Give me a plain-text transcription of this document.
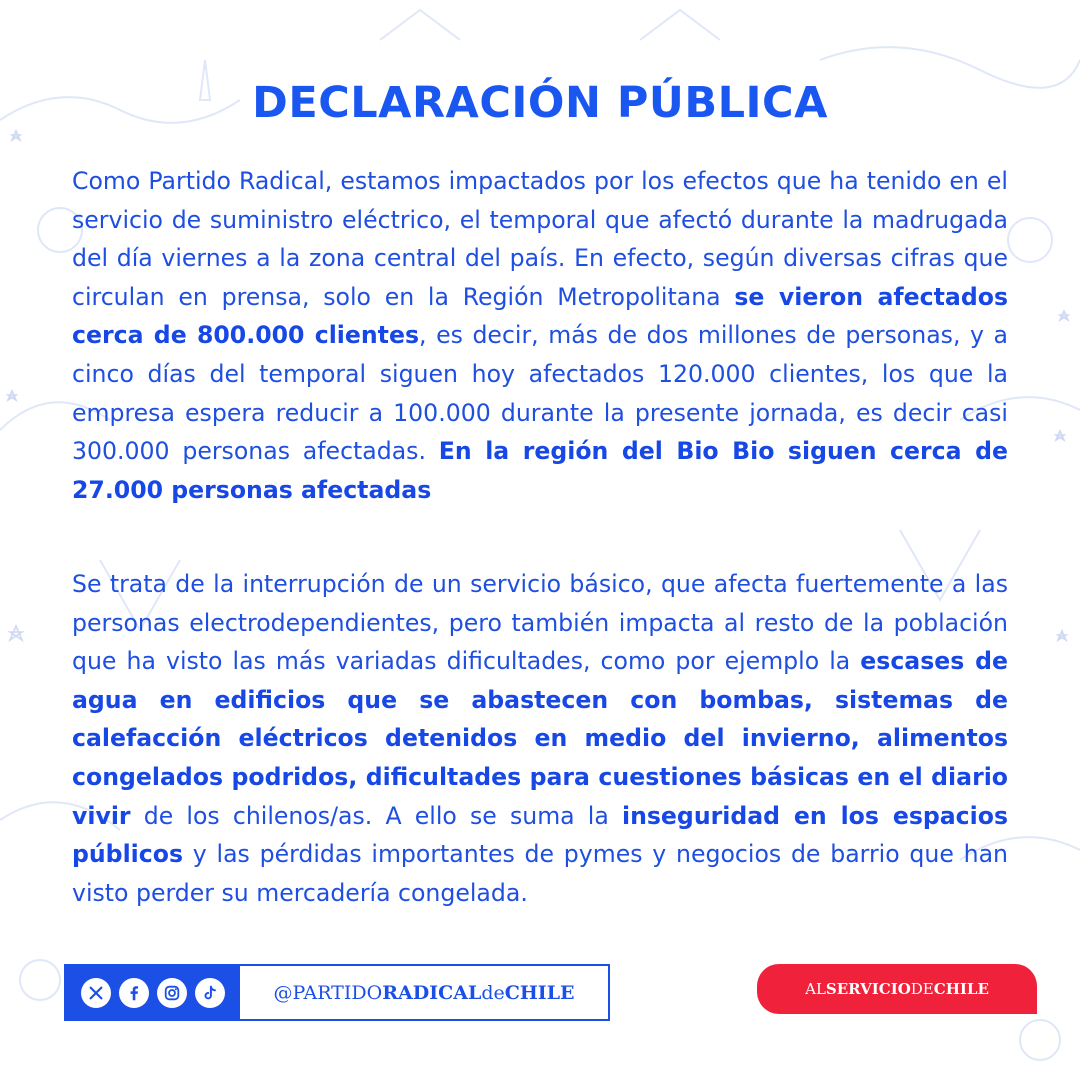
DECLARACIÓN PÚBLICA
Como Partido Radical, estamos impactados por los efectos que ha tenido en el servicio de suministro eléctrico, el temporal que afectó durante la madrugada del día viernes a la zona central del país. En efecto, según diversas cifras que circulan en prensa, solo en la Región Metropolitana se vieron afectados cerca de 800.000 clientes, es decir, más de dos millones de personas, y a cinco días del temporal siguen hoy afectados 120.000 clientes, los que la empresa espera reducir a 100.000 durante la presente jornada, es decir casi 300.000 personas afectadas. En la región del Bio Bio siguen cerca de 27.000 personas afectadas
Se trata de la interrupción de un servicio básico, que afecta fuertemente a las personas electrodependientes, pero también impacta al resto de la población que ha visto las más variadas dificultades, como por ejemplo la escases de agua en edificios que se abastecen con bombas, sistemas de calefacción eléctricos detenidos en medio del invierno, alimentos congelados podridos, dificultades para cuestiones básicas en el diario vivir de los chilenos/as. A ello se suma la inseguridad en los espacios públicos y las pérdidas importantes de pymes y negocios de barrio que han visto perder su mercadería congelada.
@PARTIDO RADICAL de CHILE	AL SERVICIO DE CHILE
